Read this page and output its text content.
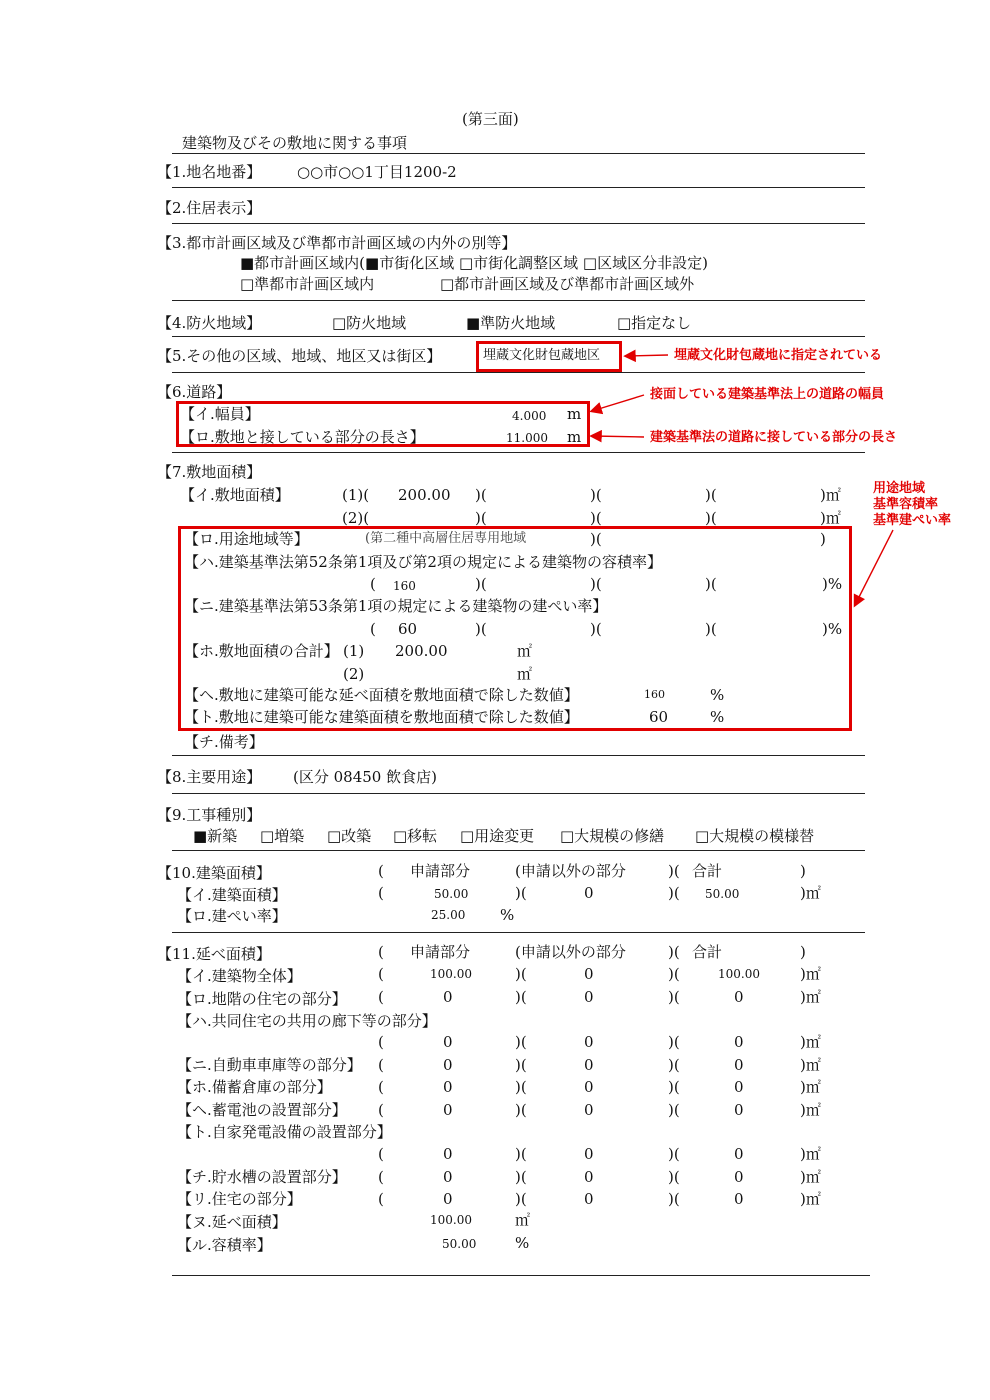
(第三面)
建築物及びその敷地に関する事項
【1.地名地番】 ○○市○○1丁目1200-2
【2.住居表示】
【3.都市計画区域及び準都市計画区域の内外の別等】
■都市計画区域内(■市街化区域 □市街化調整区域 □区域区分非設定)
□準都市計画区域内	□都市計画区域及び準都市計画区域外
【4.防火地域】	□防火地域	■準防火地域	□指定なし
【5.その他の区域、地域、地区又は街区】	埋蔵文化財包蔵地区	埋蔵文化財包蔵地に指定されている
【6.道路】
【イ.幅員】	4.000 m
【ロ.敷地と接している部分の長さ】	11.000 m
接面している建築基準法上の道路の幅員
建築基準法の道路に接している部分の長さ
【7.敷地面積】
【イ.敷地面積】	(1)( 200.00 )(	)(	)(	)㎡
(2)(	)(	)(	)(	)㎡
【ロ.用途地域等】	(第二種中高層住居専用地域	)(	)
【ハ.建築基準法第52条第1項及び第2項の規定による建築物の容積率】
( 160	)(	)(	)(	)%
【ニ.建築基準法第53条第1項の規定による建築物の建ぺい率】
( 60	)(	)(	)(	)%
【ホ.敷地面積の合計】 (1) 200.00	㎡
(2)	㎡
【ヘ.敷地に建築可能な延べ面積を敷地面積で除した数値】	160	%
【ト.敷地に建築可能な建築面積を敷地面積で除した数値】	60	%
【チ.備考】
用途地域
基準容積率
基準建ぺい率
【8.主要用途】 (区分 08450 飲食店)
【9.工事種別】
■新築 □増築 □改築 □移転 □用途変更 □大規模の修繕 □大規模の模様替
【10.建築面積】	( 申請部分	(申請以外の部分	)( 合計	)
【イ.建築面積】	(	50.00	)(	0	)( 50.00	)㎡
【ロ.建ぺい率】	25.00 %
【11.延べ面積】	( 申請部分	(申請以外の部分	)( 合計	)
【イ.建築物全体】	(	100.00	)(	0	)(	100.00	)㎡
【ロ.地階の住宅の部分】 (	0	)(	0	)(	0	)㎡
【ハ.共同住宅の共用の廊下等の部分】
(	0	)(	0	)(	0	)㎡
【ニ.自動車車庫等の部分】 (	0	)(	0	)(	0	)㎡
【ホ.備蓄倉庫の部分】	(	0	)(	0	)(	0	)㎡
【ヘ.蓄電池の設置部分】 (	0	)(	0	)(	0	)㎡
【ト.自家発電設備の設置部分】
(	0	)(	0	)(	0	)㎡
【チ.貯水槽の設置部分】 (	0	)(	0	)(	0	)㎡
【リ.住宅の部分】	(	0	)(	0	)(	0	)㎡
【ヌ.延べ面積】	100.00	㎡
【ル.容積率】	50.00	%
